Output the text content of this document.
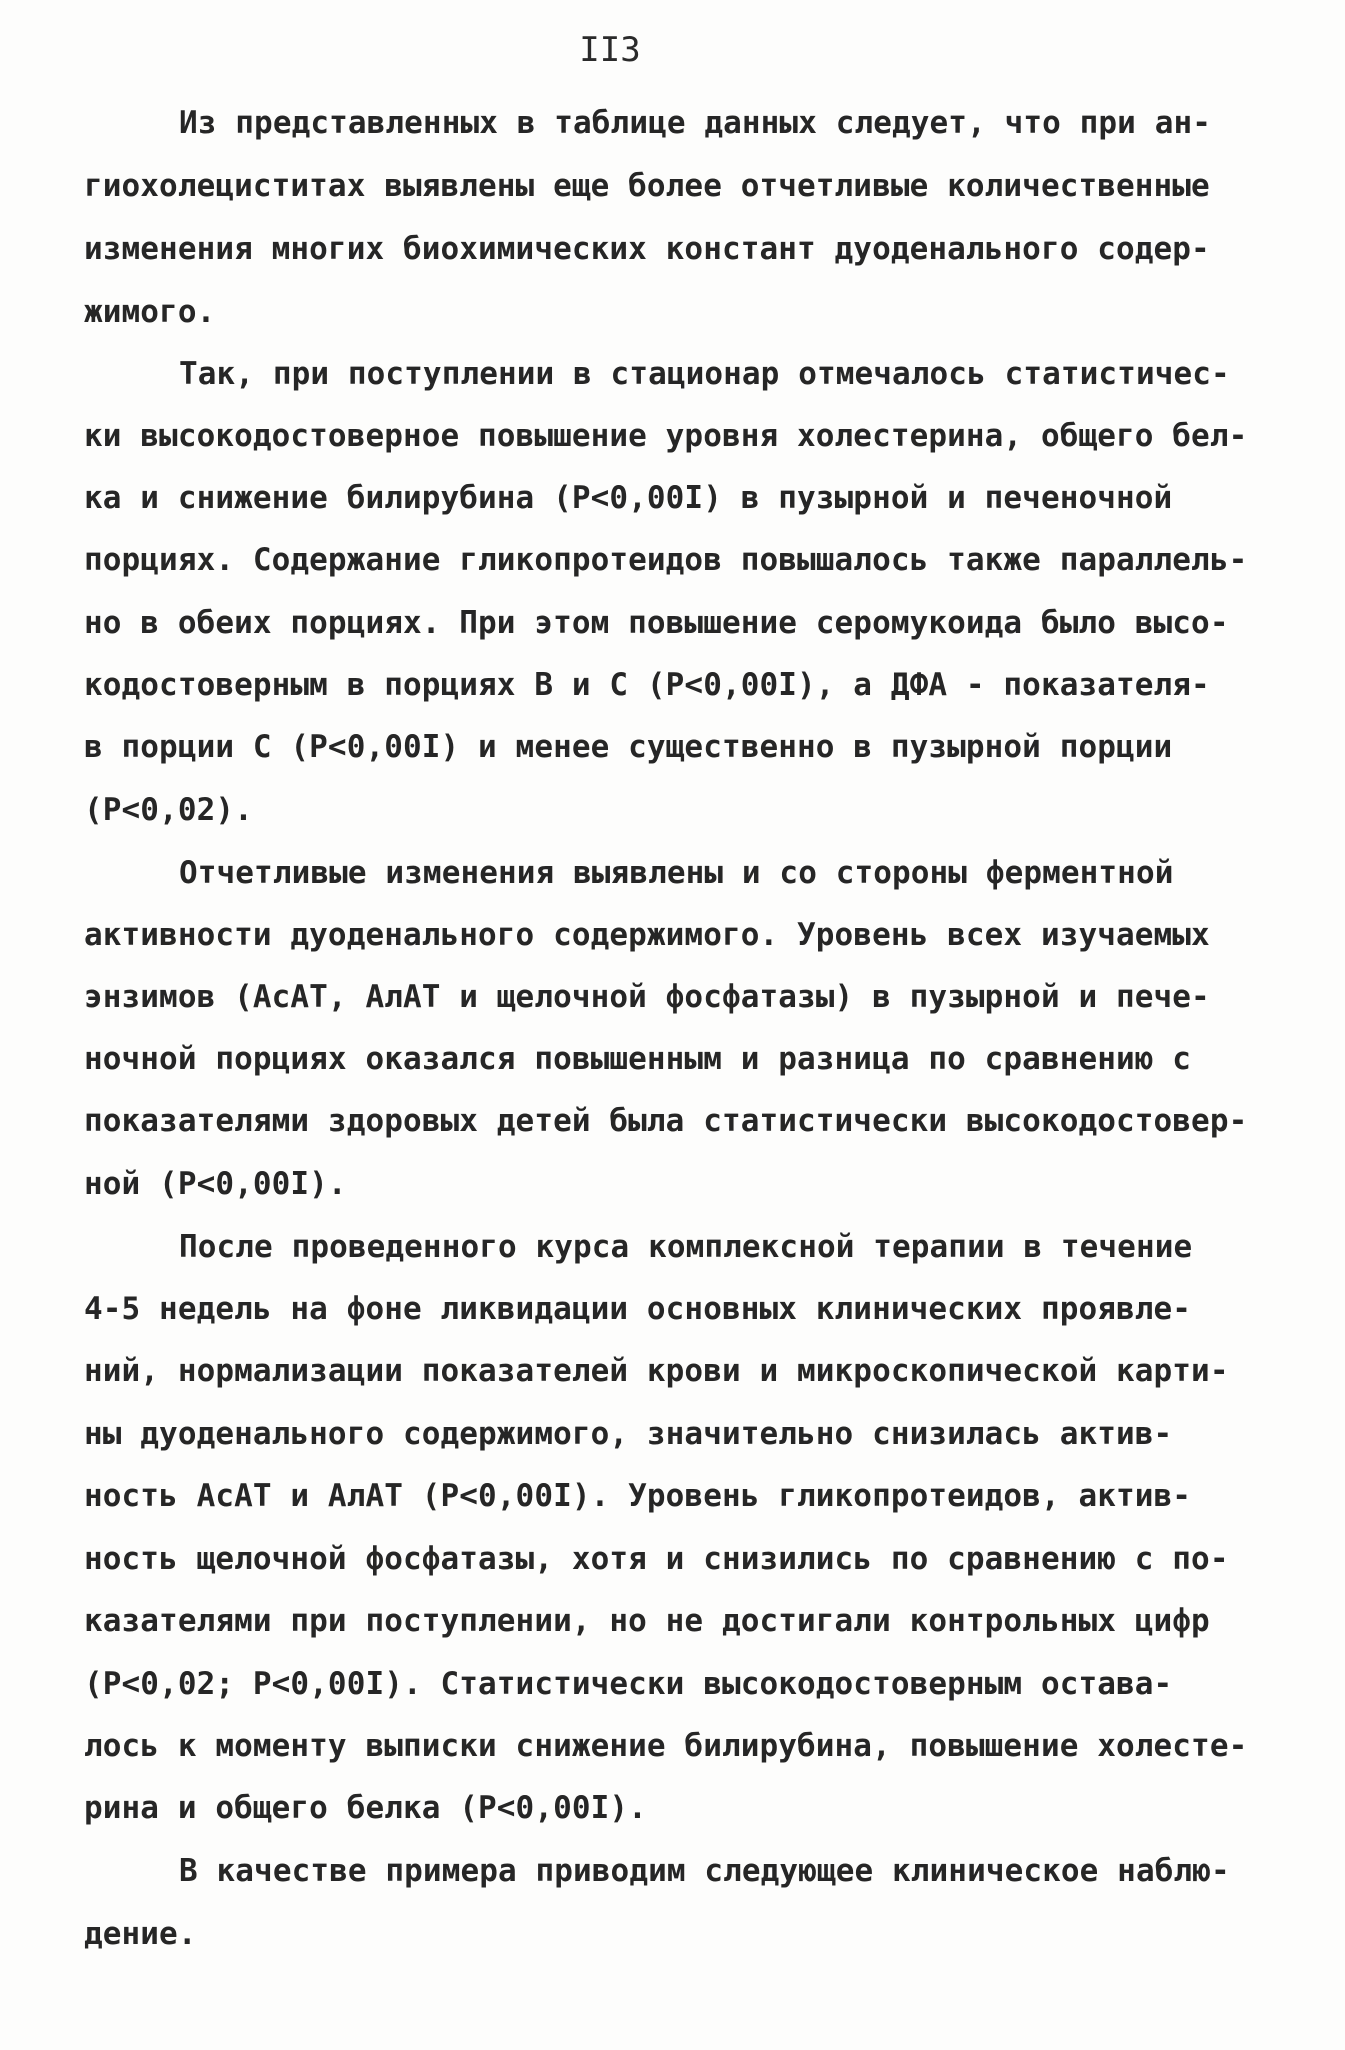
II3
Из представленных в таблице данных следует, что при ан-
гиохолециститах выявлены еще более отчетливые количественные
изменения многих биохимических констант дуоденального содер-
жимого.
Так, при поступлении в стационар отмечалось статистичес-
ки высокодостоверное повышение уровня холестерина, общего бел-
ка и снижение билирубина (P<0,00I) в пузырной и печеночной
порциях. Содержание гликопротеидов повышалось также параллель-
но в обеих порциях. При этом повышение серомукоида было высо-
кодостоверным в порциях В и С (P<0,00I), а ДФА - показателя-
в порции С (P<0,00I) и менее существенно в пузырной порции
(P<0,02).
Отчетливые изменения выявлены и со стороны ферментной
активности дуоденального содержимого. Уровень всех изучаемых
энзимов (АсАТ, АлАТ и щелочной фосфатазы) в пузырной и пече-
ночной порциях оказался повышенным и разница по сравнению с
показателями здоровых детей была статистически высокодостовер-
ной (P<0,00I).
После проведенного курса комплексной терапии в течение
4-5 недель на фоне ликвидации основных клинических проявле-
ний, нормализации показателей крови и микроскопической карти-
ны дуоденального содержимого, значительно снизилась актив-
ность АсАТ и АлАТ (P<0,00I). Уровень гликопротеидов, актив-
ность щелочной фосфатазы, хотя и снизились по сравнению с по-
казателями при поступлении, но не достигали контрольных цифр
(P<0,02; P<0,00I). Статистически высокодостоверным остава-
лось к моменту выписки снижение билирубина, повышение холесте-
рина и общего белка (P<0,00I).
В качестве примера приводим следующее клиническое наблю-
дение.
